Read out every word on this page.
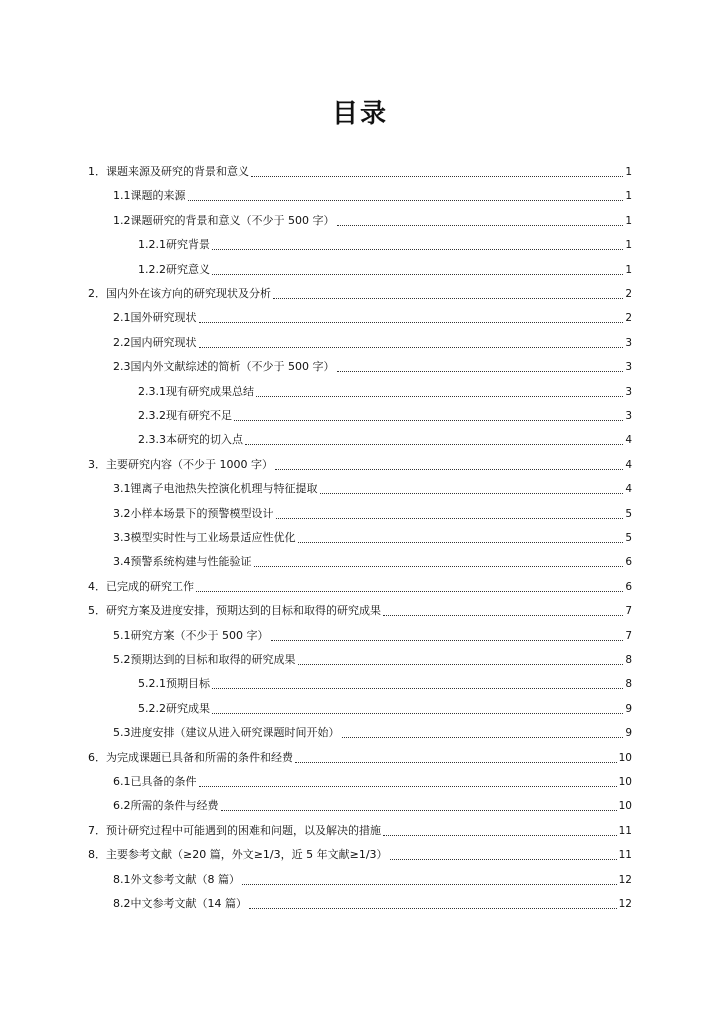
目录
1． 课题来源及研究的背景和意义	1
1.1 课题的来源	1
1.2 课题研究的背景和意义（不少于 500 字）	1
1.2.1 研究背景	1
1.2.2 研究意义	1
2． 国内外在该方向的研究现状及分析	2
2.1 国外研究现状	2
2.2 国内研究现状	3
2.3 国内外文献综述的简析（不少于 500 字）	3
2.3.1 现有研究成果总结	3
2.3.2 现有研究不足	3
2.3.3 本研究的切入点	4
3． 主要研究内容（不少于 1000 字）	4
3.1 锂离子电池热失控演化机理与特征提取	4
3.2 小样本场景下的预警模型设计	5
3.3 模型实时性与工业场景适应性优化	5
3.4 预警系统构建与性能验证	6
4． 已完成的研究工作	6
5． 研究方案及进度安排，预期达到的目标和取得的研究成果	7
5.1 研究方案（不少于 500 字）	7
5.2 预期达到的目标和取得的研究成果	8
5.2.1 预期目标	8
5.2.2 研究成果	9
5.3 进度安排（建议从进入研究课题时间开始）	9
6． 为完成课题已具备和所需的条件和经费	10
6.1 已具备的条件	10
6.2 所需的条件与经费	10
7． 预计研究过程中可能遇到的困难和问题，以及解决的措施	11
8． 主要参考文献（≥20 篇，外文≥1/3，近 5 年文献≥1/3）	11
8.1 外文参考文献（8 篇）	12
8.2 中文参考文献（14 篇）	12
